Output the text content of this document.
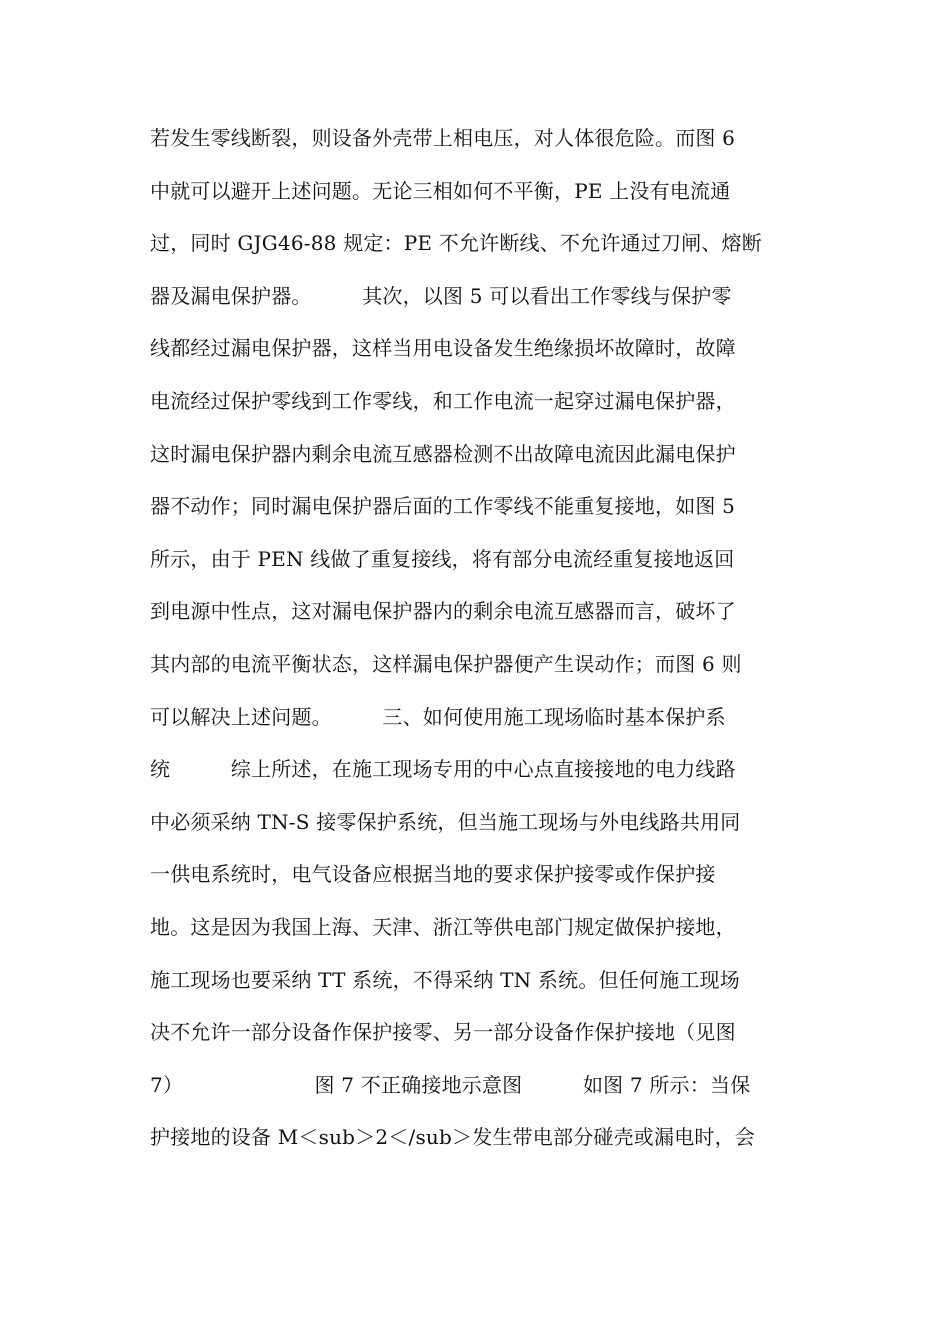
若发生零线断裂，则设备外壳带上相电压，对人体很危险。而图 6
中就可以避开上述问题。无论三相如何不平衡，PE 上没有电流通
过，同时 GJG46-88 规定：PE 不允许断线、不允许通过刀闸、熔断
器及漏电保护器。　　　其次，以图 5 可以看出工作零线与保护零
线都经过漏电保护器，这样当用电设备发生绝缘损坏故障时，故障
电流经过保护零线到工作零线，和工作电流一起穿过漏电保护器，
这时漏电保护器内剩余电流互感器检测不出故障电流因此漏电保护
器不动作；同时漏电保护器后面的工作零线不能重复接地，如图 5
所示，由于 PEN 线做了重复接线，将有部分电流经重复接地返回
到电源中性点，这对漏电保护器内的剩余电流互感器而言，破坏了
其内部的电流平衡状态，这样漏电保护器便产生误动作；而图 6 则
可以解决上述问题。　　　三、如何使用施工现场临时基本保护系
统　　　综上所述，在施工现场专用的中心点直接接地的电力线路
中必须采纳 TN-S 接零保护系统，但当施工现场与外电线路共用同
一供电系统时，电气设备应根据当地的要求保护接零或作保护接
地。这是因为我国上海、天津、浙江等供电部门规定做保护接地，
施工现场也要采纳 TT 系统，不得采纳 TN 系统。但任何施工现场
决不允许一部分设备作保护接零、另一部分设备作保护接地（见图
7）　　　　　　　图 7 不正确接地示意图　　　如图 7 所示：当保
护接地的设备 M＜sub＞2＜/sub＞发生带电部分碰壳或漏电时，会
